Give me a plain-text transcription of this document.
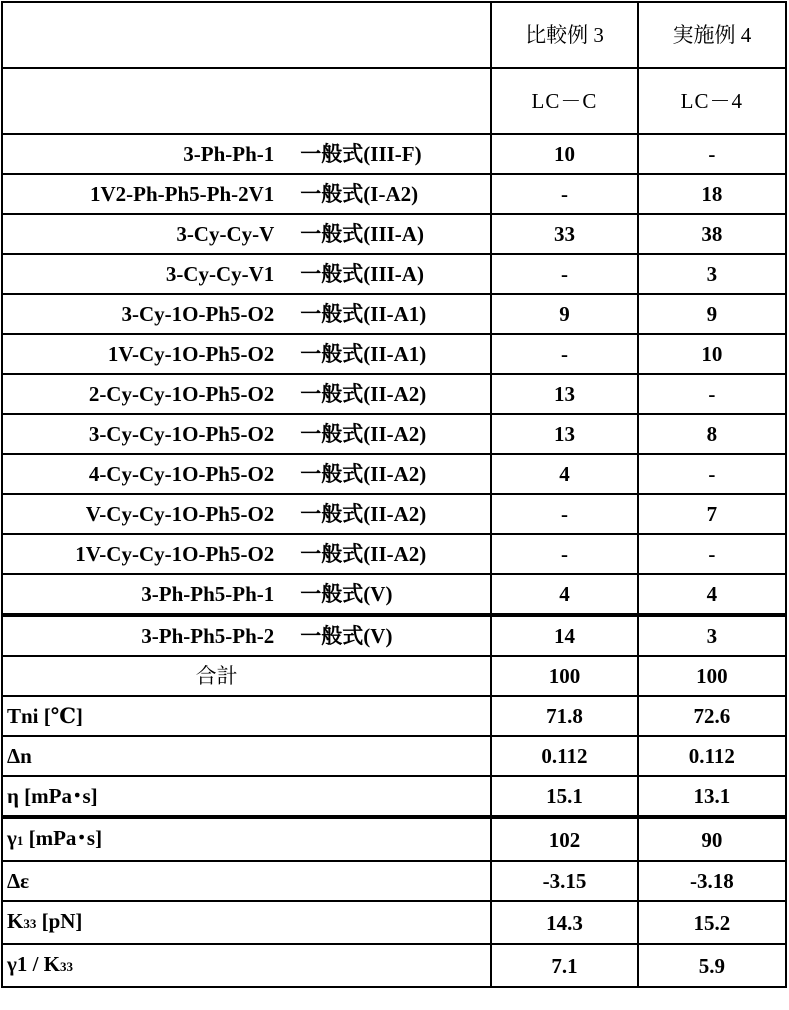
	比較例 3	実施例 4
	LC－C	LC－4
3-Ph-Ph-1 一般式(III-F)	10	-
1V2-Ph-Ph5-Ph-2V1 一般式(I-A2)	-	18
3-Cy-Cy-V 一般式(III-A)	33	38
3-Cy-Cy-V1 一般式(III-A)	-	3
3-Cy-1O-Ph5-O2 一般式(II-A1)	9	9
1V-Cy-1O-Ph5-O2 一般式(II-A1)	-	10
2-Cy-Cy-1O-Ph5-O2 一般式(II-A2)	13	-
3-Cy-Cy-1O-Ph5-O2 一般式(II-A2)	13	8
4-Cy-Cy-1O-Ph5-O2 一般式(II-A2)	4	-
V-Cy-Cy-1O-Ph5-O2 一般式(II-A2)	-	7
1V-Cy-Cy-1O-Ph5-O2 一般式(II-A2)	-	-
3-Ph-Ph5-Ph-1 一般式(V)	4	4
3-Ph-Ph5-Ph-2 一般式(V)	14	3
合計	100	100
Tni [℃]	71.8	72.6
Δn	0.112	0.112
η [mPa･s]	15.1	13.1
γ1 [mPa･s]	102	90
Δε	-3.15	-3.18
K33 [pN]	14.3	15.2
γ1 / K33	7.1	5.9
